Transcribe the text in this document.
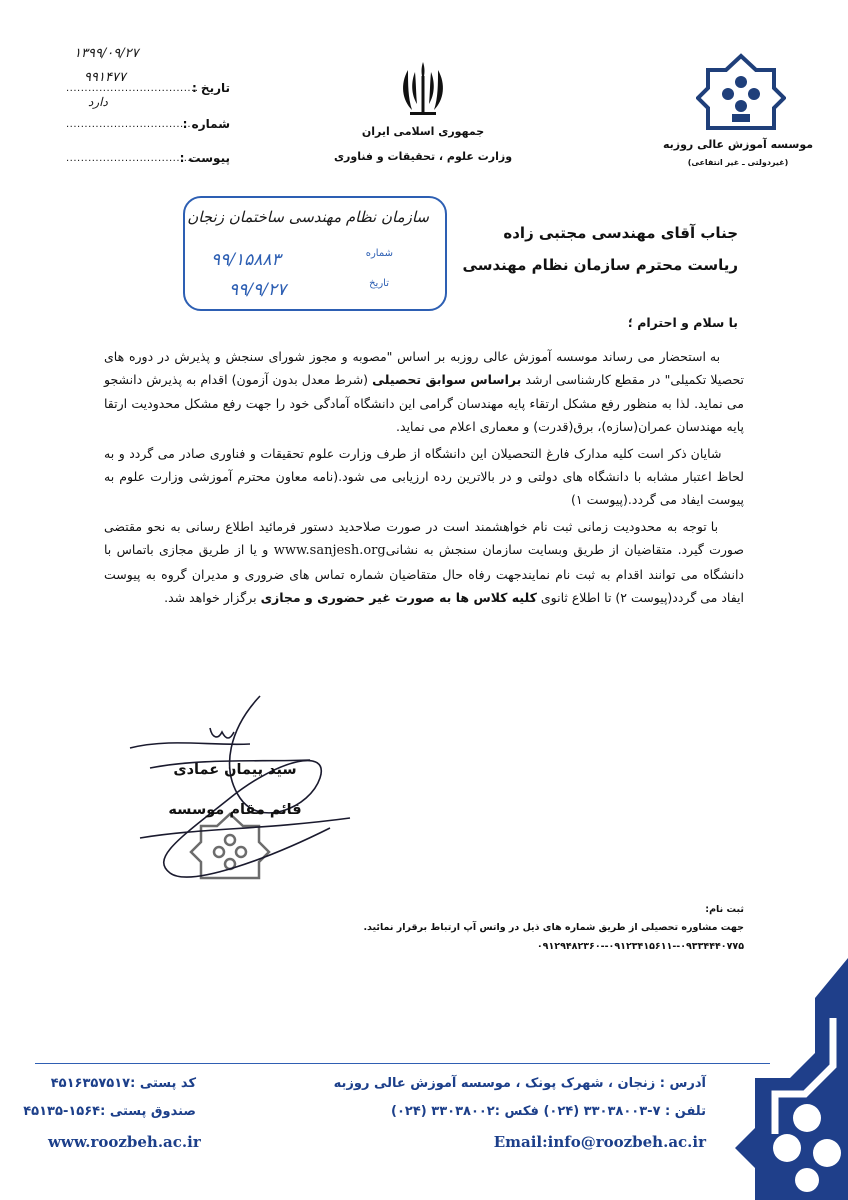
موسسه آموزش عالی روزبه
(غیردولتی ـ غیر انتفاعی)
جمهوری اسلامی ایران
وزارت علوم ، تحقیقات و فناوری
تاریخ :
....................................
شماره :
....................................
پیوست :
....................................
۱۳۹۹/۰۹/۲۷
۹۹۱۴۷۷
دارد
سازمان نظام مهندسی ساختمان زنجان
شماره
۹۹/۱۵۸۸۳
تاریخ
۹۹/۹/۲۷
جناب آقای مهندسی مجتبی زاده
ریاست محترم سازمان نظام مهندسی
با سلام و احترام ؛

به استحضار می رساند موسسه آموزش عالی روزبه بر اساس "مصوبه و مجوز شورای سنجش و پذیرش در دوره های تحصیلا تکمیلی" در مقطع کارشناسی ارشد براساس سوابق تحصیلی (شرط معدل بدون آزمون) اقدام به پذیرش دانشجو می نماید. لذا به منظور رفع مشکل ارتقاء پایه مهندسان گرامی این دانشگاه آمادگی خود را جهت رفع مشکل محدودیت ارتقا پایه مهندسان عمران(سازه)، برق(قدرت) و معماری اعلام می نماید.

شایان ذکر است کلیه مدارک فارغ التحصیلان این دانشگاه از طرف وزارت علوم تحقیقات و فناوری صادر می گردد و به لحاظ اعتبار مشابه با دانشگاه های دولتی و در بالاترین رده ارزیابی می شود.(نامه معاون محترم آموزشی وزارت علوم به پیوست ایفاد می گردد.(پیوست ۱)

با توجه به محدودیت زمانی ثبت نام خواهشمند است در صورت صلاحدید دستور فرمائید اطلاع رسانی به نحو مقتضی صورت گیرد. متقاضیان از طریق وبسایت سازمان سنجش به نشانیwww.sanjesh.org و یا از طریق مجازی باتماس با دانشگاه می توانند اقدام به ثبت نام نمایندجهت رفاه حال متقاضیان شماره تماس های ضروری و مدیران گروه به پیوست ایفاد می گردد(پیوست ۲) تا اطلاع ثانوی کلیه کلاس ها به صورت غیر حضوری و مجازی برگزار خواهد شد.

سید پیمان عمادی
قائم مقام موسسه
ثبت نام:
جهت مشاوره تحصیلی از طریق شماره های ذیل در واتس آپ ارتباط برقرار نمائید.
۰۹۱۲۹۴۸۲۳۶۰--۰۹۱۲۳۴۱۵۶۱۱--۰۹۳۳۴۴۴۰۷۷۵
آدرس : زنجان ، شهرک پونک ، موسسه آموزش عالی روزبه
تلفن : ۷-۳۳۰۳۸۰۰۳ (۰۲۴) فکس :۳۳۰۳۸۰۰۲ (۰۲۴)
Email:info@roozbeh.ac.ir
کد پستی :۴۵۱۶۳۵۷۵۱۷
صندوق پستی :۱۵۶۴-۴۵۱۳۵
www.roozbeh.ac.ir
